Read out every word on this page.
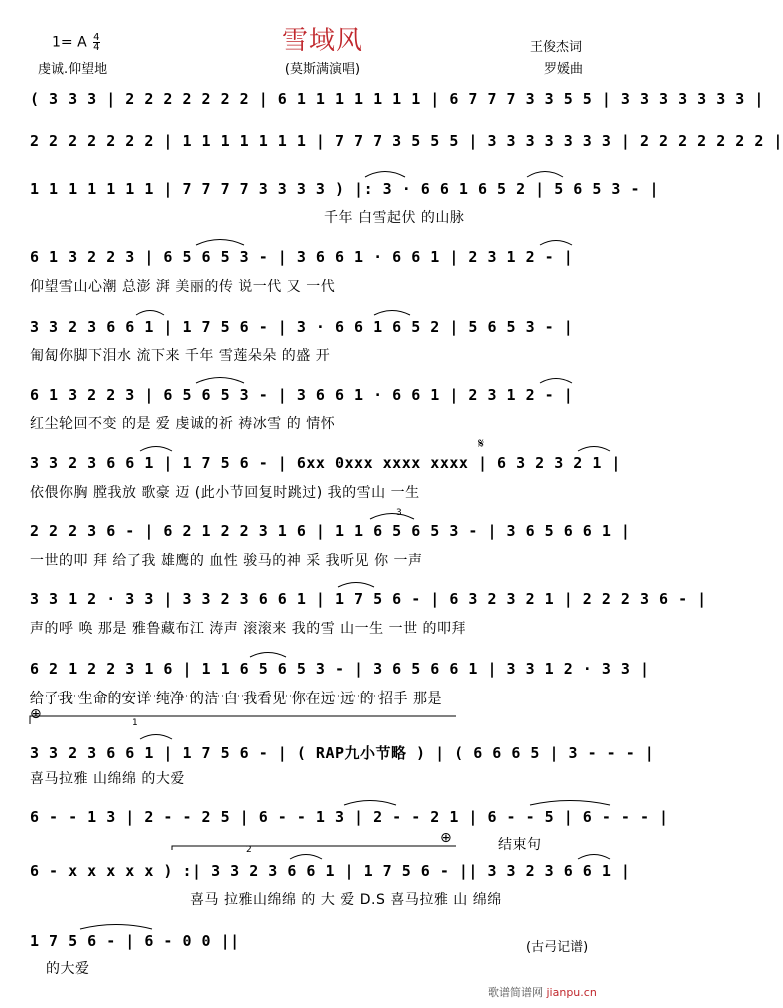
雪域风
(莫斯满演唱)
1= A $\frac{4}{4}$
虔诚.仰望地
王俊杰词
罗媛曲
( 3 3 3 | 2 2 2 2 2 2 2 | 6 1 1 1 1 1 1 1 | 6 7 7 7 3 3 5 5 | 3 3 3 3 3 3 3 |
2 2 2 2 2 2 2 | 1 1 1 1 1 1 1 | 7 7 7 3 5 5 5 | 3 3 3 3 3 3 3 | 2 2 2 2 2 2 2 |
1 1 1 1 1 1 1 | 7 7 7 7 3 3 3 3 ) |: 3 · 6 6 1 6 5 2 | 5 6 5 3 - |
千年 白雪起伏 的山脉
6 1 3 2 2 3 | 6 5 6 5 3 - | 3 6 6 1 · 6 6 1 | 2 3 1 2 - |
仰望雪山心潮 总澎 湃 美丽的传 说一代 又 一代
3 3 2 3 6 6 1 | 1 7 5 6 - | 3 · 6 6 1 6 5 2 | 5 6 5 3 - |
匍匐你脚下泪水 流下来 千年 雪莲朵朵 的盛 开
6 1 3 2 2 3 | 6 5 6 5 3 - | 3 6 6 1 · 6 6 1 | 2 3 1 2 - |
红尘轮回不变 的是 爱 虔诚的祈 祷冰雪 的 情怀
𝄋
3 3 2 3 6 6 1 | 1 7 5 6 - | 6xx 0xxx xxxx xxxx | 6 3 2 3 2 1 |
依偎你胸 膛我放 歌豪 迈 (此小节回复时跳过) 我的雪山 一生
3
2 2 2 3 6 - | 6 2 1 2 2 3 1 6 | 1 1 6 5 6 5 3 - | 3 6 5 6 6 1 |
一世的叩 拜 给了我 雄鹰的 血性 骏马的神 采 我听见 你 一声
3 3 1 2 · 3 3 | 3 3 2 3 6 6 1 | 1 7 5 6 - | 6 3 2 3 2 1 | 2 2 2 3 6 - |
声的呼 唤 那是 雅鲁藏布江 涛声 滚滚来 我的雪 山一生 一世 的叩拜
6 2 1 2 2 3 1 6 | 1 1 6 5 6 5 3 - | 3 6 5 6 6 1 | 3 3 1 2 · 3 3 |
给了我 生命的安详 纯净 的洁 白 我看见 你在远 远 的 招手 那是
⊕
1
3 3 2 3 6 6 1 | 1 7 5 6 - | ( RAP九小节略 ) | ( 6 6 6 5 | 3 - - - |
喜马拉雅 山绵绵 的大爱
6 - - 1 3 | 2 - - 2 5 | 6 - - 1 3 | 2 - - 2 1 | 6 - - 5 | 6 - - - |
⊕	结束句
2
6 - x x x x x ) :| 3 3 2 3 6 6 1 | 1 7 5 6 - || 3 3 2 3 6 6 1 |
喜马 拉雅山绵绵 的 大 爱 D.S 喜马拉雅 山 绵绵
1 7 5 6 - | 6 - 0 0 ||
的大爱
(古弓记谱)
歌谱简谱网 jianpu.cn
